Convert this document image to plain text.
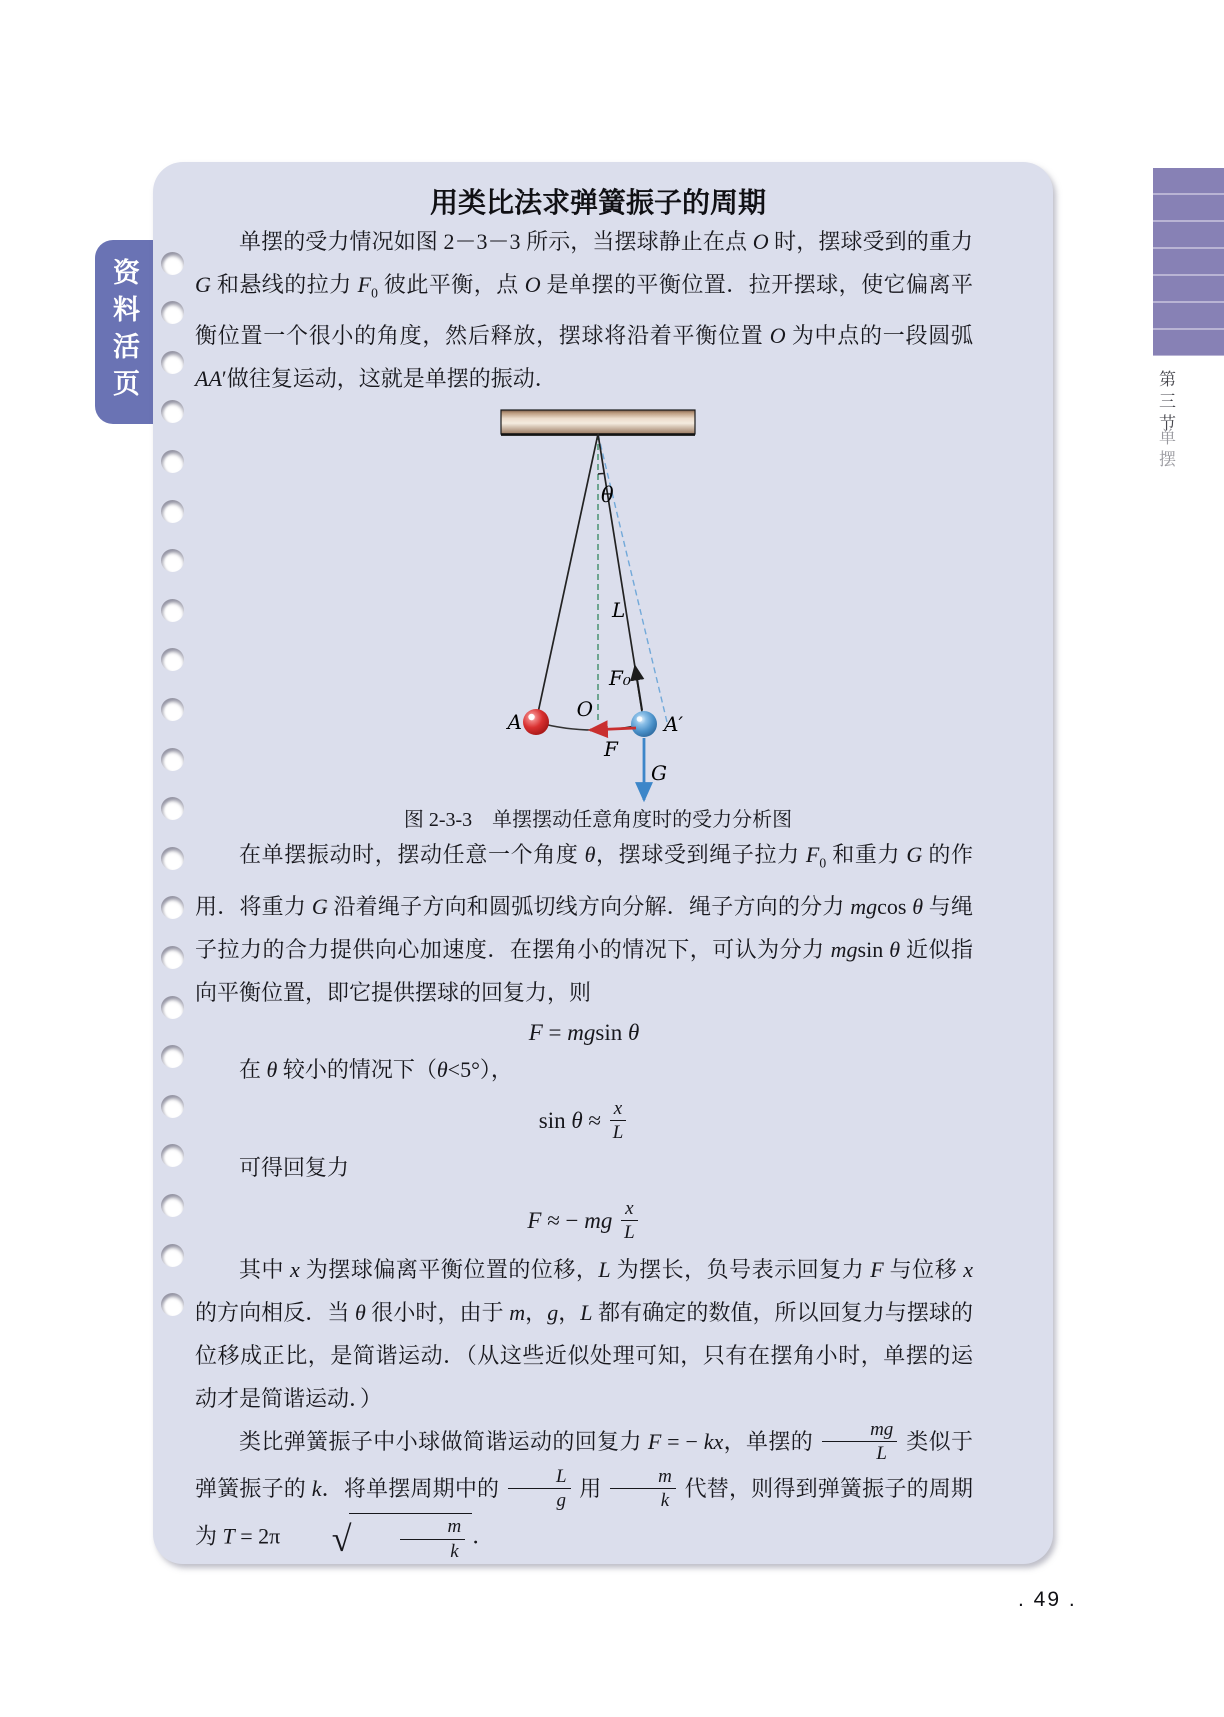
资料活页
用类比法求弹簧振子的周期

单摆的受力情况如图 2－3－3 所示，当摆球静止在点 O 时，摆球受到的重力 G 和悬线的拉力 $F_0$ 彼此平衡，点 O 是单摆的平衡位置．拉开摆球，使它偏离平衡位置一个很小的角度，然后释放，摆球将沿着平衡位置 O 为中点的一段圆弧 AA′做往复运动，这就是单摆的振动．

θ
L
F₀
A
O
A′
F
G
图 2-3-3　单摆摆动任意角度时的受力分析图

在单摆振动时，摆动任意一个角度 θ，摆球受到绳子拉力 $F_0$ 和重力 G 的作用．将重力 G 沿着绳子方向和圆弧切线方向分解．绳子方向的分力 mgcos θ 与绳子拉力的合力提供向心加速度．在摆角小的情况下，可认为分力 mgsin θ 近似指向平衡位置，即它提供摆球的回复力，则

F = mgsin θ

在 θ 较小的情况下（θ<5°），

$\sin \theta \approx \frac{x}{L}$

可得回复力

F ≈ − mg $\frac{x}{L}$

其中 x 为摆球偏离平衡位置的位移，L 为摆长，负号表示回复力 F 与位移 x 的方向相反．当 θ 很小时，由于 m，g，L 都有确定的数值，所以回复力与摆球的位移成正比，是简谐运动．（从这些近似处理可知，只有在摆角小时，单摆的运动才是简谐运动．）

类比弹簧振子中小球做简谐运动的回复力 F = − kx，单摆的 $\frac{mg}{L}$ 类似于弹簧振子的 k．将单摆周期中的 $\frac{L}{g}$ 用 $\frac{m}{k}$ 代替，则得到弹簧振子的周期为 T = 2π	√	$\frac{m}{k}$ ．

第三节
单摆
. 49 .
